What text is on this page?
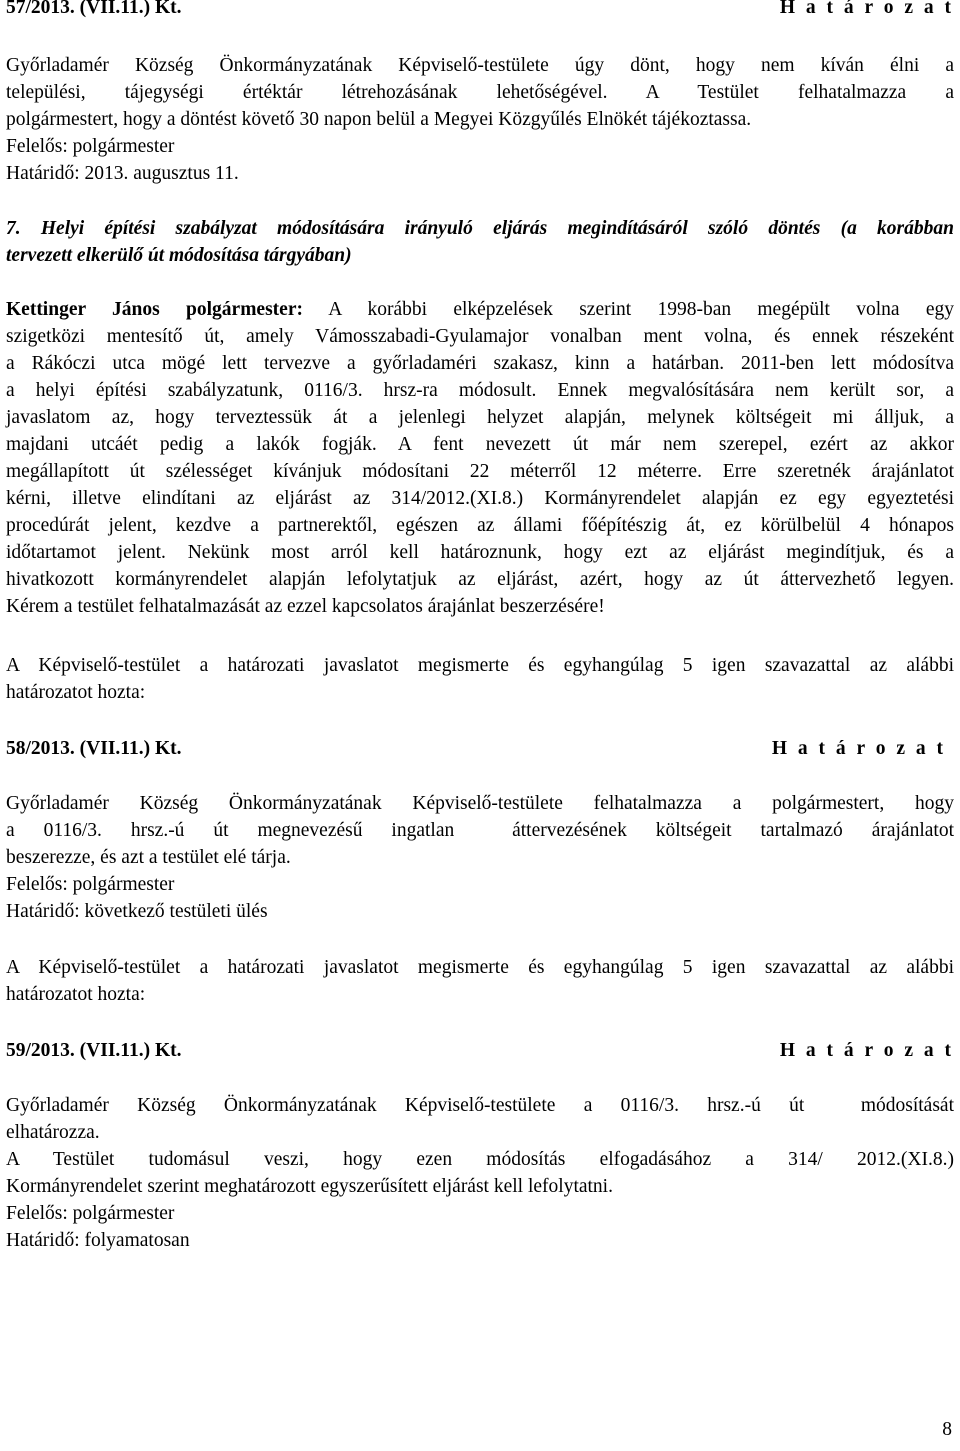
57/2013. (VII.11.) Kt.	H a t á r o z a t

Győrladamér Község Önkormányzatának Képviselő-testülete úgy dönt, hogy nem kíván élni a

települési, tájegységi értéktár létrehozásának lehetőségével. A Testület felhatalmazza a

polgármestert, hogy a döntést követő 30 napon belül a Megyei Közgyűlés Elnökét tájékoztassa.

Felelős: polgármester

Határidő: 2013. augusztus 11.

7. Helyi építési szabályzat módosítására irányuló eljárás megindításáról szóló döntés (a korábban

tervezett elkerülő út módosítása tárgyában)

Kettinger János polgármester: A korábbi elképzelések szerint 1998-ban megépült volna egy

szigetközi mentesítő út, amely Vámosszabadi-Gyulamajor vonalban ment volna, és ennek részeként

a Rákóczi utca mögé lett tervezve a győrladaméri szakasz, kinn a határban. 2011-ben lett módosítva

a helyi építési szabályzatunk, 0116/3. hrsz-ra módosult. Ennek megvalósítására nem került sor, a

javaslatom az, hogy terveztessük át a jelenlegi helyzet alapján, melynek költségeit mi álljuk, a

majdani utcáét pedig a lakók fogják. A fent nevezett út már nem szerepel, ezért az akkor

megállapított út szélességet kívánjuk módosítani 22 méterről 12 méterre. Erre szeretnék árajánlatot

kérni, illetve elindítani az eljárást az 314/2012.(XI.8.) Kormányrendelet alapján ez egy egyeztetési

procedúrát jelent, kezdve a partnerektől, egészen az állami főépítészig át, ez körülbelül 4 hónapos

időtartamot jelent. Nekünk most arról kell határoznunk, hogy ezt az eljárást megindítjuk, és a

hivatkozott kormányrendelet alapján lefolytatjuk az eljárást, azért, hogy az út áttervezhető legyen.

Kérem a testület felhatalmazását az ezzel kapcsolatos árajánlat beszerzésére!

A Képviselő-testület a határozati javaslatot megismerte és egyhangúlag 5 igen szavazattal az alábbi

határozatot hozta:

58/2013. (VII.11.) Kt.	H a t á r o z a t

Győrladamér Község Önkormányzatának Képviselő-testülete felhatalmazza a polgármestert, hogy

a 0116/3. hrsz.-ú út megnevezésű ingatlan  áttervezésének költségeit tartalmazó árajánlatot

beszerezze, és azt a testület elé tárja.

Felelős: polgármester

Határidő: következő testületi ülés

A Képviselő-testület a határozati javaslatot megismerte és egyhangúlag 5 igen szavazattal az alábbi

határozatot hozta:

59/2013. (VII.11.) Kt.	H a t á r o z a t

Győrladamér Község Önkormányzatának Képviselő-testülete a 0116/3. hrsz.-ú út  módosítását

elhatározza.

A Testület tudomásul veszi, hogy ezen módosítás elfogadásához a 314/ 2012.(XI.8.)

Kormányrendelet szerint meghatározott egyszerűsített eljárást kell lefolytatni.

Felelős: polgármester

Határidő: folyamatosan

8
